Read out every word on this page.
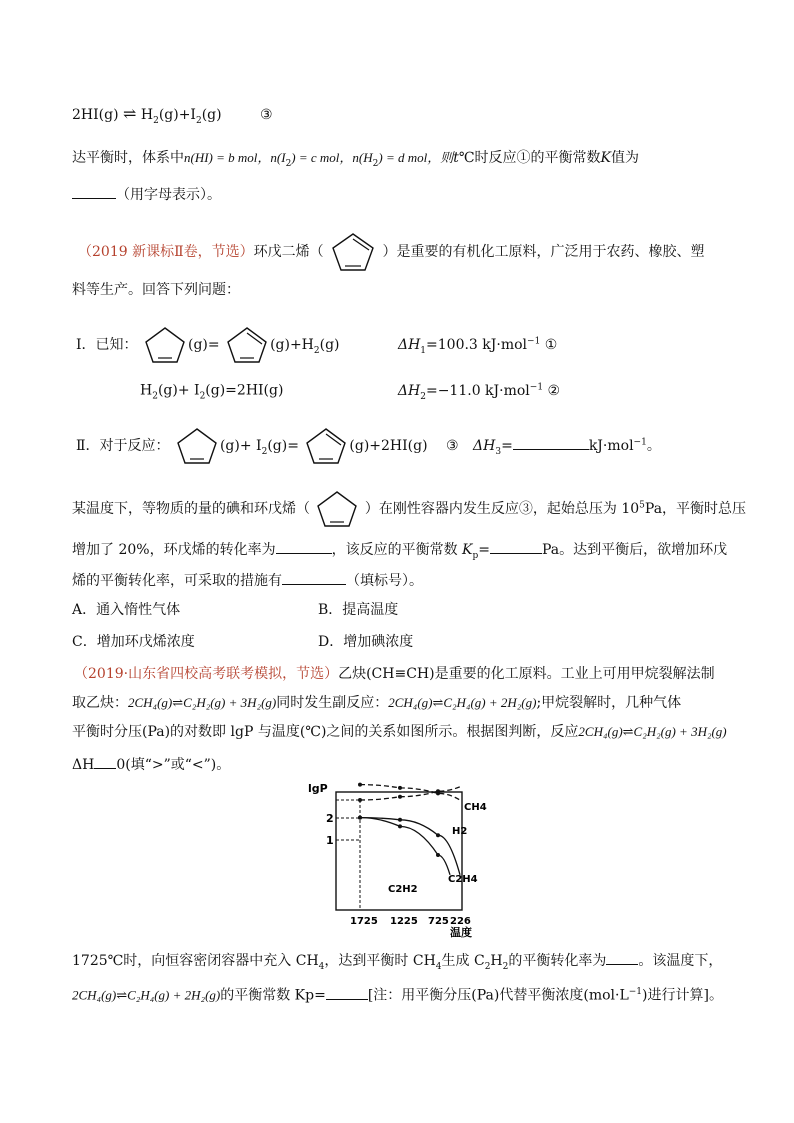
2HI(g) ⇌ $H_2(g)+I_2(g)$	③
达平衡时，体系中n(HI) = b mol，$n(I_2) = c$ mol，$n(H_2) = d$ mol，则t℃时反应①的平衡常数K值为
（用字母表示）。
（2019 新课标Ⅱ卷，节选）环戊二烯（	）是重要的有机化工原料，广泛用于农药、橡胶、塑
料等生产。回答下列问题：
Ⅰ．已知：	(g)=	$(g)+H_2(g)$	$\Delta H_1=100.3$ kJ·mol$^{-1}$ ①
$H_2(g)+ I_2(g)=2HI(g)$	$\Delta H_2=-11.0$ kJ·mol$^{-1}$ ②
Ⅱ．对于反应：	$(g)+ I_2(g)=$	(g)+2HI(g) ③ $\Delta H_3=$	kJ·mol$^{-1}$。
某温度下，等物质的量的碘和环戊烯（	）在刚性容器内发生反应③，起始总压为 $10^5Pa$，平衡时总压
增加了 20%，环戊烯的转化率为	，该反应的平衡常数 $K_p=$	Pa。达到平衡后，欲增加环戊
烯的平衡转化率，可采取的措施有	（填标号）。
A．通入惰性气体	B．提高温度
C．增加环戊烯浓度	D．增加碘浓度
（2019·山东省四校高考联考模拟，节选）乙炔(CH≡CH)是重要的化工原料。工业上可用甲烷裂解法制
取乙炔：2CH₄(g)⇌C₂H₂(g) + 3H₂(g)同时发生副反应：2CH₄(g)⇌C₂H₄(g) + 2H₂(g);甲烷裂解时，几种气体
平衡时分压(Pa)的对数即 lgP 与温度(℃)之间的关系如图所示。根据图判断，反应2CH₄(g)⇌C₂H₂(g) + 3H₂(g)
ΔH 0(填“>”或“<”)。
lgP
温度
2
1
1725 1225 725 226
CH4
H2
C2H4
C2H2
1725℃时，向恒容密闭容器中充入 $CH_4$，达到平衡时 $CH_4$生成 $C_2H_2$的平衡转化率为 。该温度下，
2CH₄(g)⇌C₂H₄(g) + 2H₂(g)的平衡常数 Kp=	[注：用平衡分压(Pa)代替平衡浓度$(mol\cdot L^{-1})$进行计算]。
